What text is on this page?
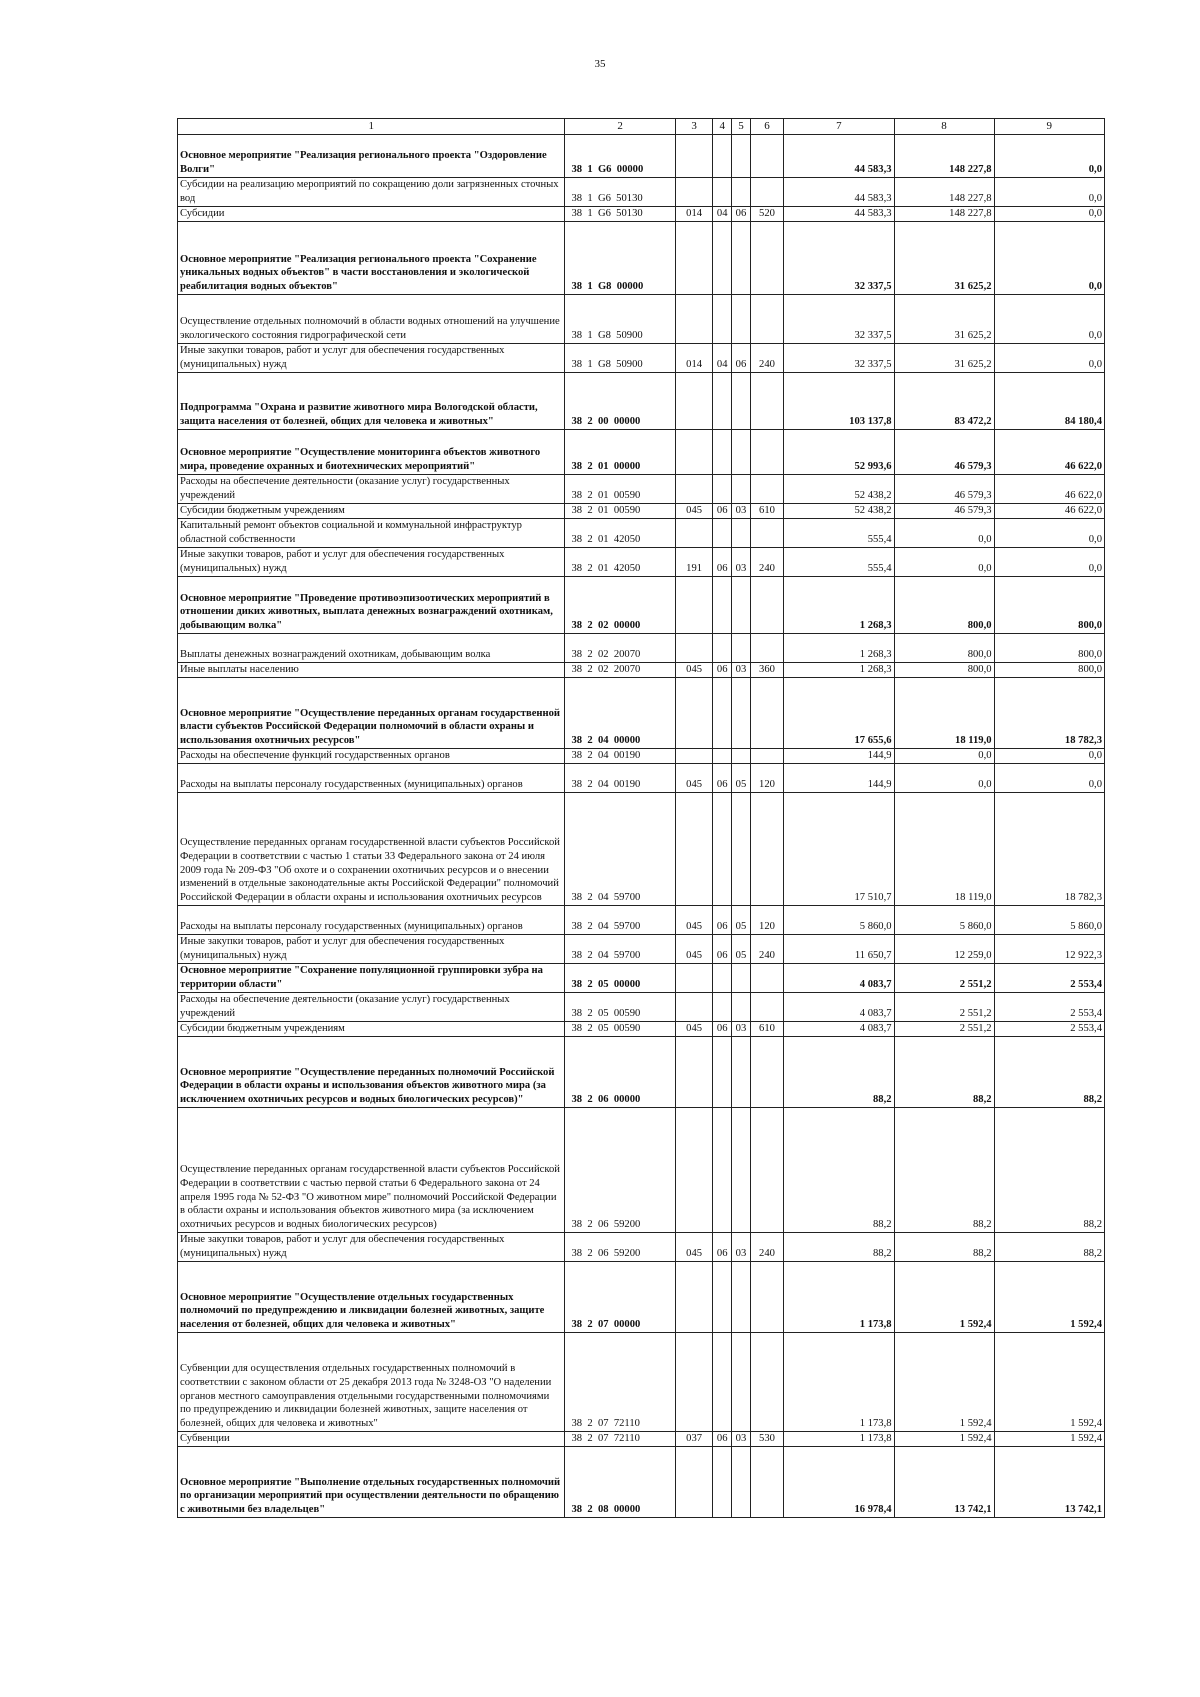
35
1	2	3	4	5	6	7	8	9
Основное мероприятие "Реализация регионального проекта "Оздоровление Волги"	38  1  G6  00000					44 583,3	148 227,8	0,0
Субсидии на реализацию мероприятий по сокращению доли загрязненных сточных вод	38  1  G6  50130					44 583,3	148 227,8	0,0
Субсидии	38  1  G6  50130	014	04	06	520	44 583,3	148 227,8	0,0
Основное мероприятие "Реализация регионального проекта "Сохранение уникальных водных объектов" в части восстановления и экологической реабилитация водных объектов"	38  1  G8  00000					32 337,5	31 625,2	0,0
Осуществление отдельных полномочий в области водных отношений на улучшение экологического состояния гидрографической сети	38  1  G8  50900					32 337,5	31 625,2	0,0
Иные закупки товаров, работ и услуг для обеспечения государственных (муниципальных) нужд	38  1  G8  50900	014	04	06	240	32 337,5	31 625,2	0,0
Подпрограмма "Охрана и развитие животного мира Вологодской области, защита населения от болезней, общих для человека и животных"	38  2  00  00000					103 137,8	83 472,2	84 180,4
Основное мероприятие "Осуществление мониторинга объектов животного мира, проведение охранных и биотехнических мероприятий"	38  2  01  00000					52 993,6	46 579,3	46 622,0
Расходы на обеспечение деятельности (оказание услуг) государственных учреждений	38  2  01  00590					52 438,2	46 579,3	46 622,0
Субсидии бюджетным учреждениям	38  2  01  00590	045	06	03	610	52 438,2	46 579,3	46 622,0
Капитальный ремонт объектов социальной и коммунальной инфраструктур областной собственности	38  2  01  42050					555,4	0,0	0,0
Иные закупки товаров, работ и услуг для обеспечения государственных (муниципальных) нужд	38  2  01  42050	191	06	03	240	555,4	0,0	0,0
Основное мероприятие "Проведение противоэпизоотических мероприятий в отношении диких животных, выплата денежных вознаграждений охотникам, добывающим волка"	38  2  02  00000					1 268,3	800,0	800,0
Выплаты денежных вознаграждений охотникам, добывающим волка	38  2  02  20070					1 268,3	800,0	800,0
Иные выплаты населению	38  2  02  20070	045	06	03	360	1 268,3	800,0	800,0
Основное мероприятие "Осуществление переданных органам государственной власти субъектов Российской Федерации полномочий в области охраны и использования охотничьих ресурсов"	38  2  04  00000					17 655,6	18 119,0	18 782,3
Расходы на обеспечение функций государственных органов	38  2  04  00190					144,9	0,0	0,0
Расходы на выплаты персоналу государственных (муниципальных) органов	38  2  04  00190	045	06	05	120	144,9	0,0	0,0
Осуществление переданных органам государственной власти субъектов Российской Федерации в соответствии с частью 1 статьи 33 Федерального закона от 24 июля 2009 года № 209-ФЗ "Об охоте и о сохранении охотничьих ресурсов и о внесении изменений в отдельные законодательные акты Российской Федерации" полномочий Российской Федерации в области охраны и использования охотничьих ресурсов	38  2  04  59700					17 510,7	18 119,0	18 782,3
Расходы на выплаты персоналу государственных (муниципальных) органов	38  2  04  59700	045	06	05	120	5 860,0	5 860,0	5 860,0
Иные закупки товаров, работ и услуг для обеспечения государственных (муниципальных) нужд	38  2  04  59700	045	06	05	240	11 650,7	12 259,0	12 922,3
Основное мероприятие "Сохранение популяционной группировки зубра на территории области"	38  2  05  00000					4 083,7	2 551,2	2 553,4
Расходы на обеспечение деятельности (оказание услуг) государственных учреждений	38  2  05  00590					4 083,7	2 551,2	2 553,4
Субсидии бюджетным учреждениям	38  2  05  00590	045	06	03	610	4 083,7	2 551,2	2 553,4
Основное мероприятие "Осуществление переданных полномочий Российской Федерации в области охраны и использования объектов животного мира (за исключением охотничьих ресурсов и водных биологических ресурсов)"	38  2  06  00000					88,2	88,2	88,2
Осуществление переданных органам государственной власти субъектов Российской Федерации в соответствии с частью первой статьи 6 Федерального закона от 24 апреля 1995 года № 52-ФЗ "О животном мире" полномочий Российской Федерации в области охраны и использования объектов животного мира (за исключением охотничьих ресурсов и водных биологических ресурсов)	38  2  06  59200					88,2	88,2	88,2
Иные закупки товаров, работ и услуг для обеспечения государственных (муниципальных) нужд	38  2  06  59200	045	06	03	240	88,2	88,2	88,2
Основное мероприятие "Осуществление отдельных государственных полномочий по предупреждению и ликвидации болезней животных, защите населения от болезней, общих для человека и животных"	38  2  07  00000					1 173,8	1 592,4	1 592,4
Субвенции для осуществления отдельных государственных полномочий в соответствии с законом области от 25 декабря 2013 года № 3248-ОЗ "О наделении органов местного самоуправления отдельными государственными полномочиями по предупреждению и ликвидации болезней животных, защите населения от болезней, общих для человека и животных"	38  2  07  72110					1 173,8	1 592,4	1 592,4
Субвенции	38  2  07  72110	037	06	03	530	1 173,8	1 592,4	1 592,4
Основное мероприятие "Выполнение отдельных государственных полномочий по организации мероприятий при осуществлении деятельности по обращению с животными без владельцев"	38  2  08  00000					16 978,4	13 742,1	13 742,1
